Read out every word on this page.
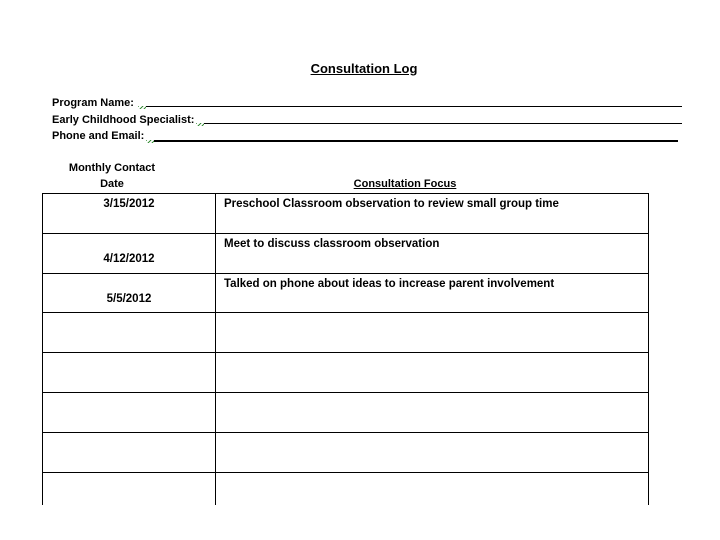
Consultation Log
Program Name:
Early Childhood Specialist:
Phone and Email:
Monthly Contact
Date	Consultation Focus
3/15/2012	Preschool Classroom observation to review small group time

4/12/2012	Meet to discuss classroom observation

5/5/2012	Talked on phone about ideas to increase parent involvement
